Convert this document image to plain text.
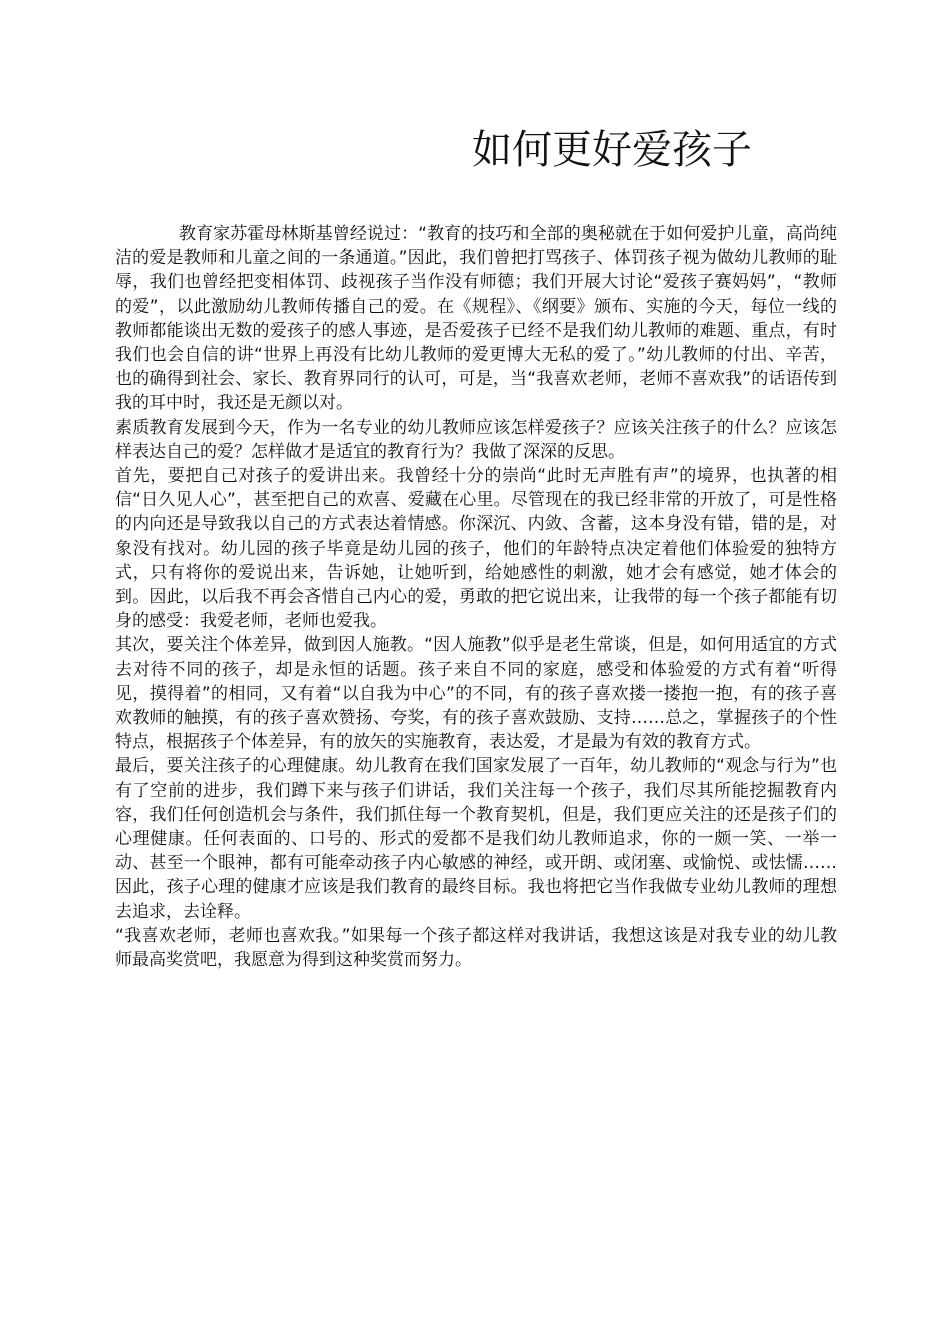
如何更好爱孩子

教育家苏霍母林斯基曾经说过：“教育的技巧和全部的奥秘就在于如何爱护儿童，高尚纯洁的爱是教师和儿童之间的一条通道。”因此，我们曾把打骂孩子、体罚孩子视为做幼儿教师的耻辱，我们也曾经把变相体罚、歧视孩子当作没有师德；我们开展大讨论“爱孩子赛妈妈”，“教师的爱”，以此激励幼儿教师传播自己的爱。在《规程》、《纲要》颁布、实施的今天，每位一线的教师都能谈出无数的爱孩子的感人事迹，是否爱孩子已经不是我们幼儿教师的难题、重点，有时我们也会自信的讲“世界上再没有比幼儿教师的爱更博大无私的爱了。”幼儿教师的付出、辛苦，也的确得到社会、家长、教育界同行的认可，可是，当“我喜欢老师，老师不喜欢我”的话语传到我的耳中时，我还是无颜以对。

素质教育发展到今天，作为一名专业的幼儿教师应该怎样爱孩子？应该关注孩子的什么？应该怎样表达自己的爱？怎样做才是适宜的教育行为？我做了深深的反思。

首先，要把自己对孩子的爱讲出来。我曾经十分的崇尚“此时无声胜有声”的境界，也执著的相信“日久见人心”，甚至把自己的欢喜、爱藏在心里。尽管现在的我已经非常的开放了，可是性格的内向还是导致我以自己的方式表达着情感。你深沉、内敛、含蓄，这本身没有错，错的是，对象没有找对。幼儿园的孩子毕竟是幼儿园的孩子，他们的年龄特点决定着他们体验爱的独特方式，只有将你的爱说出来，告诉她，让她听到，给她感性的刺激，她才会有感觉，她才体会的到。因此，以后我不再会吝惜自己内心的爱，勇敢的把它说出来，让我带的每一个孩子都能有切身的感受：我爱老师，老师也爱我。

其次，要关注个体差异，做到因人施教。“因人施教”似乎是老生常谈，但是，如何用适宜的方式去对待不同的孩子，却是永恒的话题。孩子来自不同的家庭，感受和体验爱的方式有着“听得见，摸得着”的相同，又有着“以自我为中心”的不同，有的孩子喜欢搂一搂抱一抱，有的孩子喜欢教师的触摸，有的孩子喜欢赞扬、夸奖，有的孩子喜欢鼓励、支持……总之，掌握孩子的个性特点，根据孩子个体差异，有的放矢的实施教育，表达爱，才是最为有效的教育方式。

最后，要关注孩子的心理健康。幼儿教育在我们国家发展了一百年，幼儿教师的“观念与行为”也有了空前的进步，我们蹲下来与孩子们讲话，我们关注每一个孩子，我们尽其所能挖掘教育内容，我们任何创造机会与条件，我们抓住每一个教育契机，但是，我们更应关注的还是孩子们的心理健康。任何表面的、口号的、形式的爱都不是我们幼儿教师追求，你的一颇一笑、一举一动、甚至一个眼神，都有可能牵动孩子内心敏感的神经，或开朗、或闭塞、或愉悦、或怯懦……因此，孩子心理的健康才应该是我们教育的最终目标。我也将把它当作我做专业幼儿教师的理想去追求，去诠释。

“我喜欢老师，老师也喜欢我。”如果每一个孩子都这样对我讲话，我想这该是对我专业的幼儿教师最高奖赏吧，我愿意为得到这种奖赏而努力。
